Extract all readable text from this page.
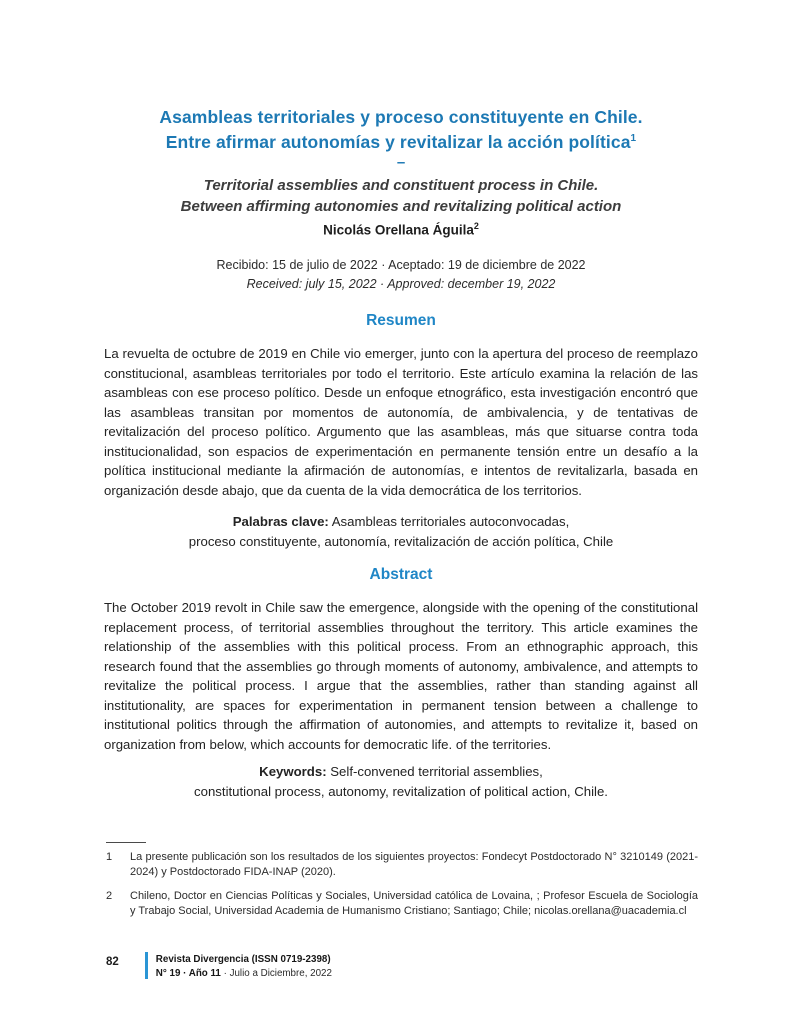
Asambleas territoriales y proceso constituyente en Chile.
Entre afirmar autonomías y revitalizar la acción política$^1$
–
Territorial assemblies and constituent process in Chile.
Between affirming autonomies and revitalizing political action
Nicolás Orellana Águila$^2$
Recibido: 15 de julio de 2022 · Aceptado: 19 de diciembre de 2022
Received: july 15, 2022 · Approved: december 19, 2022
Resumen
La revuelta de octubre de 2019 en Chile vio emerger, junto con la apertura del proceso de reemplazo constitucional, asambleas territoriales por todo el territorio. Este artículo examina la relación de las asambleas con ese proceso político. Desde un enfoque etnográfico, esta investigación encontró que las asambleas transitan por momentos de autonomía, de ambivalencia, y de tentativas de revitalización del proceso político. Argumento que las asambleas, más que situarse contra toda institucionalidad, son espacios de experimentación en permanente tensión entre un desafío a la política institucional mediante la afirmación de autonomías, e intentos de revitalizarla, basada en organización desde abajo, que da cuenta de la vida democrática de los territorios.
Palabras clave: Asambleas territoriales autoconvocadas,
proceso constituyente, autonomía, revitalización de acción política, Chile
Abstract
The October 2019 revolt in Chile saw the emergence, alongside with the opening of the constitutional replacement process, of territorial assemblies throughout the territory. This article examines the relationship of the assemblies with this political process. From an ethnographic approach, this research found that the assemblies go through moments of autonomy, ambivalence, and attempts to revitalize the political process. I argue that the assemblies, rather than standing against all institutionality, are spaces for experimentation in permanent tension between a challenge to institutional politics through the affirmation of autonomies, and attempts to revitalize it, based on organization from below, which accounts for democratic life. of the territories.
Keywords: Self-convened territorial assemblies,
constitutional process, autonomy, revitalization of political action, Chile.
1 La presente publicación son los resultados de los siguientes proyectos: Fondecyt Postdoctorado N° 3210149 (2021-2024) y Postdoctorado FIDA-INAP (2020).
2 Chileno, Doctor en Ciencias Políticas y Sociales, Universidad católica de Lovaina, ; Profesor Escuela de Sociología y Trabajo Social, Universidad Academia de Humanismo Cristiano; Santiago; Chile; nicolas.orellana@uacademia.cl
82	Revista Divergencia (ISSN 0719-2398)
N° 19 · Año 11 · Julio a Diciembre, 2022
